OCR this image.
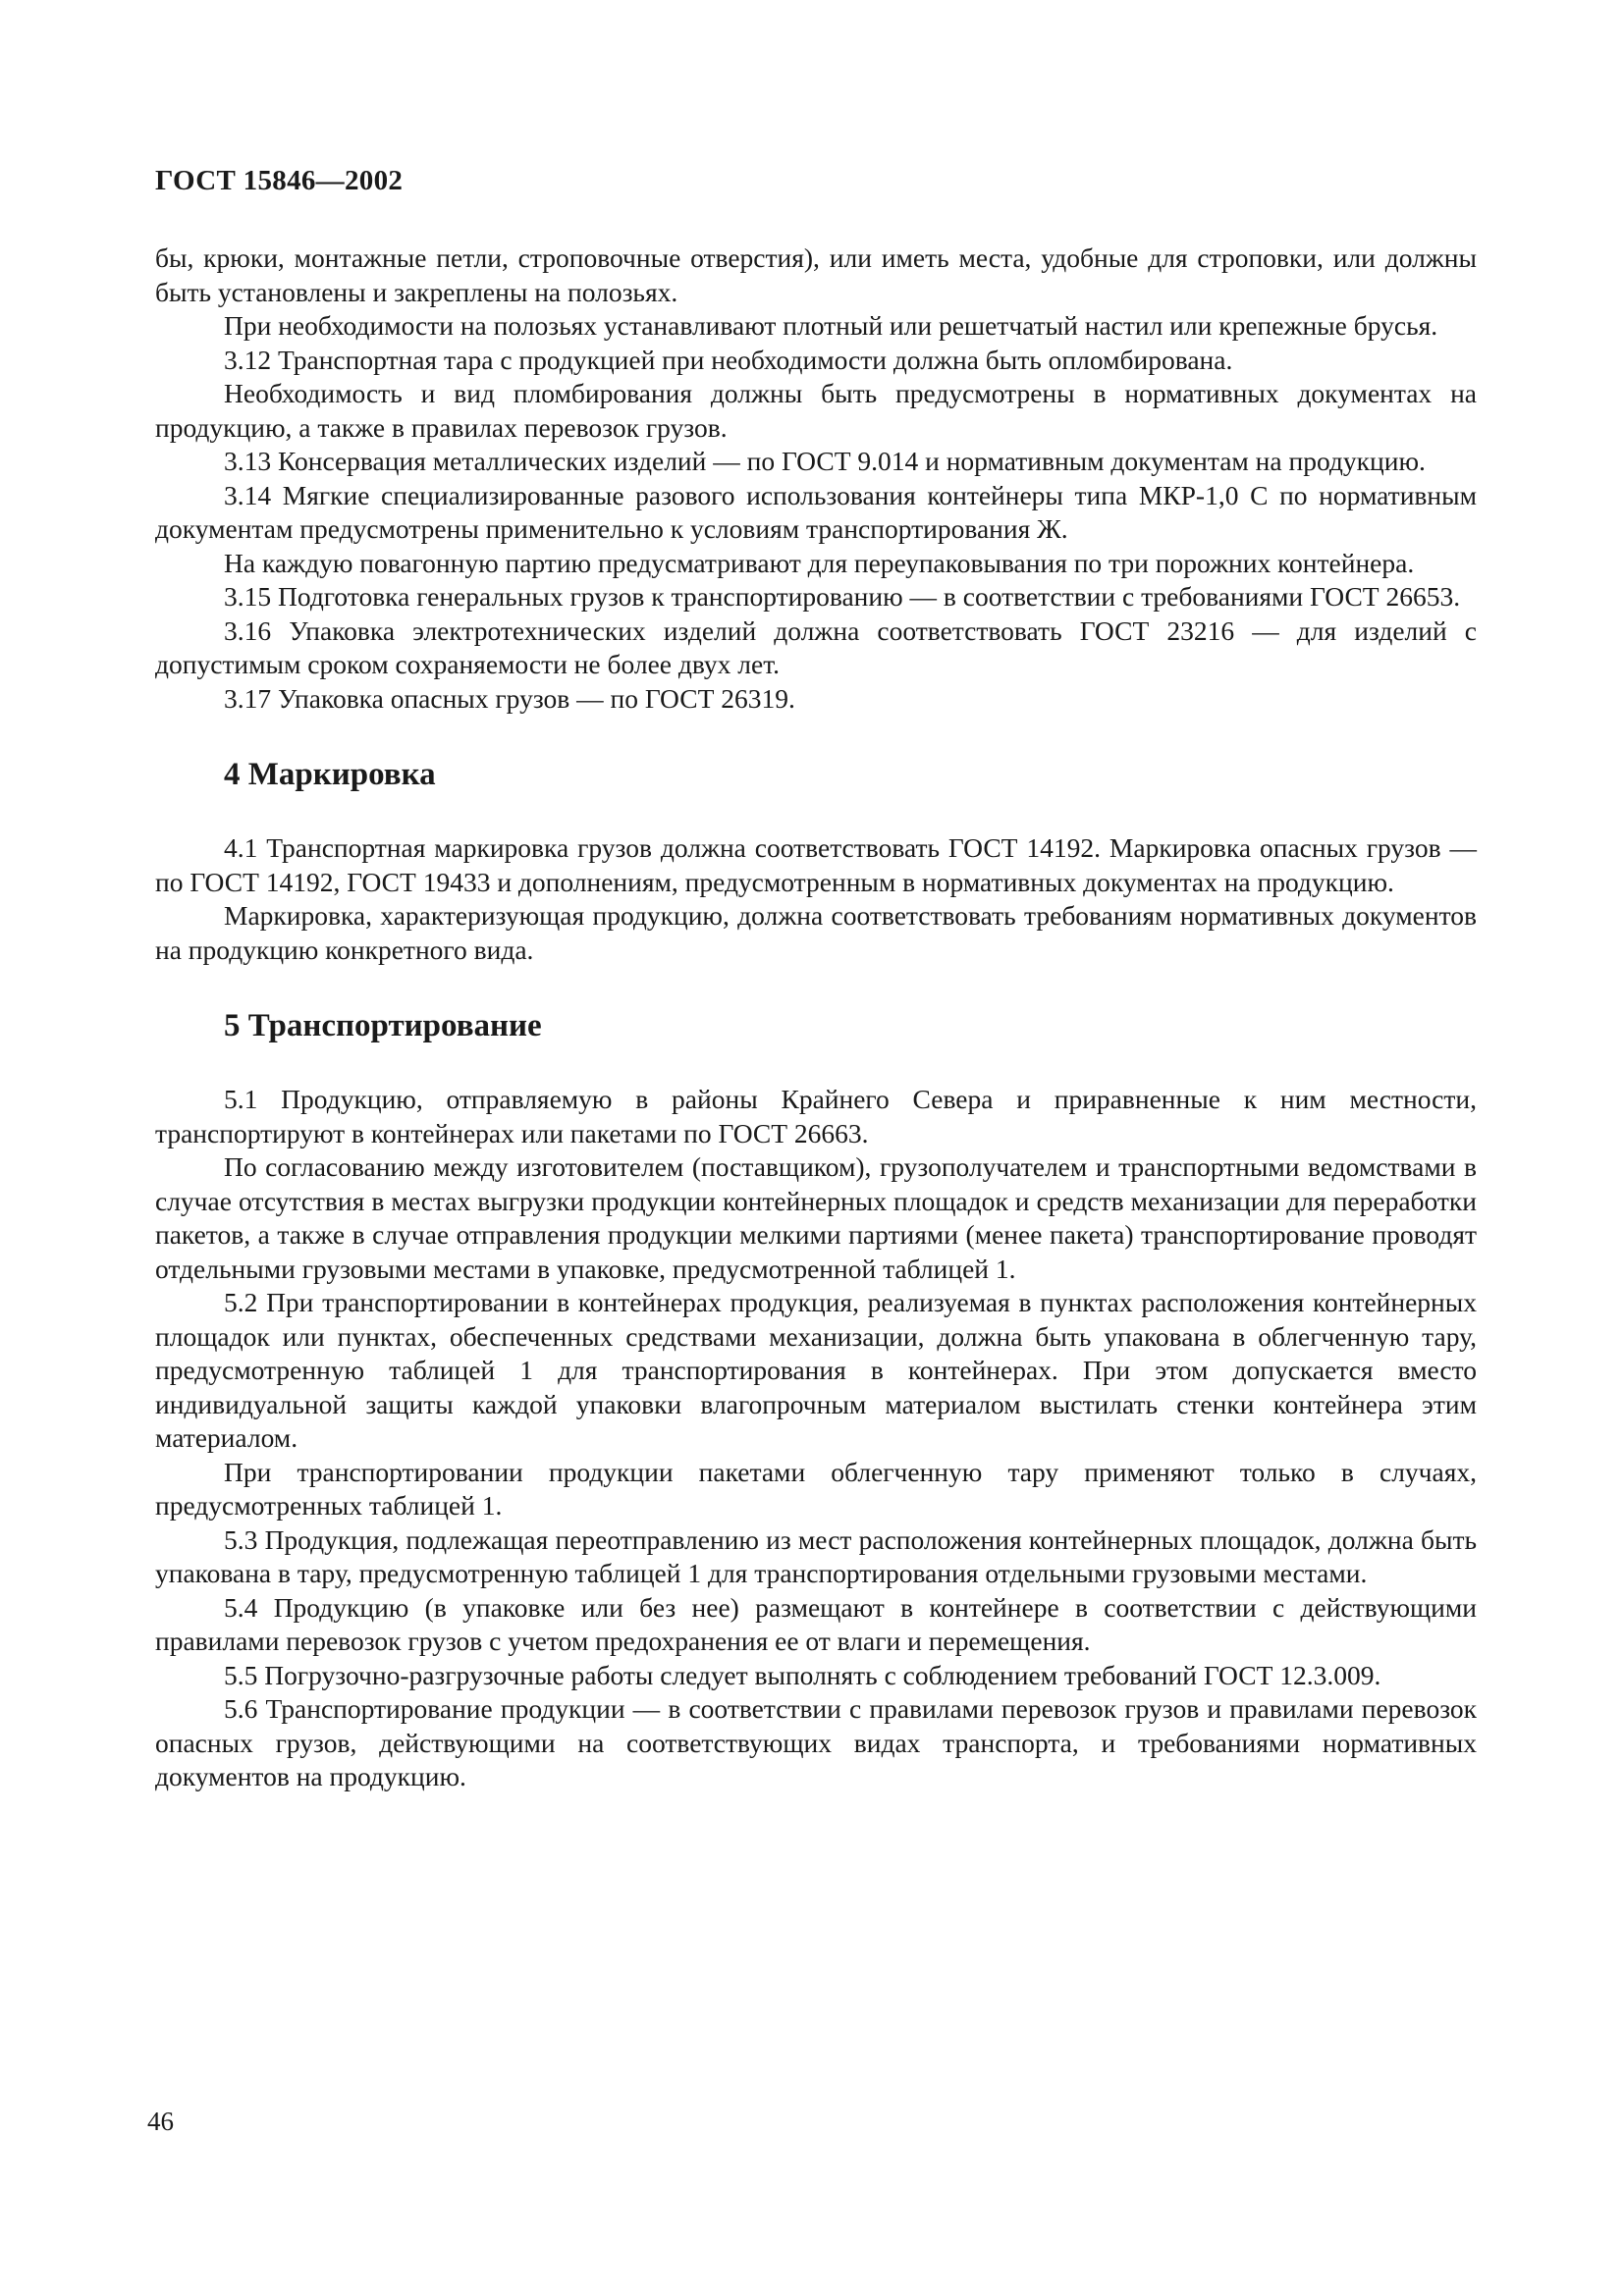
ГОСТ 15846—2002

бы, крюки, монтажные петли, строповочные отверстия), или иметь места, удобные для строповки, или должны быть установлены и закреплены на полозьях.

При необходимости на полозьях устанавливают плотный или решетчатый настил или крепежные брусья.

3.12 Транспортная тара с продукцией при необходимости должна быть опломбирована.

Необходимость и вид пломбирования должны быть предусмотрены в нормативных документах на продукцию, а также в правилах перевозок грузов.

3.13 Консервация металлических изделий — по ГОСТ 9.014 и нормативным документам на продукцию.

3.14 Мягкие специализированные разового использования контейнеры типа МКР-1,0 С по нормативным документам предусмотрены применительно к условиям транспортирования Ж.

На каждую повагонную партию предусматривают для переупаковывания по три порожних контейнера.

3.15 Подготовка генеральных грузов к транспортированию — в соответствии с требованиями ГОСТ 26653.

3.16 Упаковка электротехнических изделий должна соответствовать ГОСТ 23216 — для изделий с допустимым сроком сохраняемости не более двух лет.

3.17 Упаковка опасных грузов — по ГОСТ 26319.

4 Маркировка

4.1 Транспортная маркировка грузов должна соответствовать ГОСТ 14192. Маркировка опасных грузов — по ГОСТ 14192, ГОСТ 19433 и дополнениям, предусмотренным в нормативных документах на продукцию.

Маркировка, характеризующая продукцию, должна соответствовать требованиям нормативных документов на продукцию конкретного вида.

5 Транспортирование

5.1 Продукцию, отправляемую в районы Крайнего Севера и приравненные к ним местности, транспортируют в контейнерах или пакетами по ГОСТ 26663.

По согласованию между изготовителем (поставщиком), грузополучателем и транспортными ведомствами в случае отсутствия в местах выгрузки продукции контейнерных площадок и средств механизации для переработки пакетов, а также в случае отправления продукции мелкими партиями (менее пакета) транспортирование проводят отдельными грузовыми местами в упаковке, предусмотренной таблицей 1.

5.2 При транспортировании в контейнерах продукция, реализуемая в пунктах расположения контейнерных площадок или пунктах, обеспеченных средствами механизации, должна быть упакована в облегченную тару, предусмотренную таблицей 1 для транспортирования в контейнерах. При этом допускается вместо индивидуальной защиты каждой упаковки влагопрочным материалом выстилать стенки контейнера этим материалом.

При транспортировании продукции пакетами облегченную тару применяют только в случаях, предусмотренных таблицей 1.

5.3 Продукция, подлежащая переотправлению из мест расположения контейнерных площадок, должна быть упакована в тару, предусмотренную таблицей 1 для транспортирования отдельными грузовыми местами.

5.4 Продукцию (в упаковке или без нее) размещают в контейнере в соответствии с действующими правилами перевозок грузов с учетом предохранения ее от влаги и перемещения.

5.5 Погрузочно-разгрузочные работы следует выполнять с соблюдением требований ГОСТ 12.3.009.

5.6 Транспортирование продукции — в соответствии с правилами перевозок грузов и правилами перевозок опасных грузов, действующими на соответствующих видах транспорта, и требованиями нормативных документов на продукцию.

46
